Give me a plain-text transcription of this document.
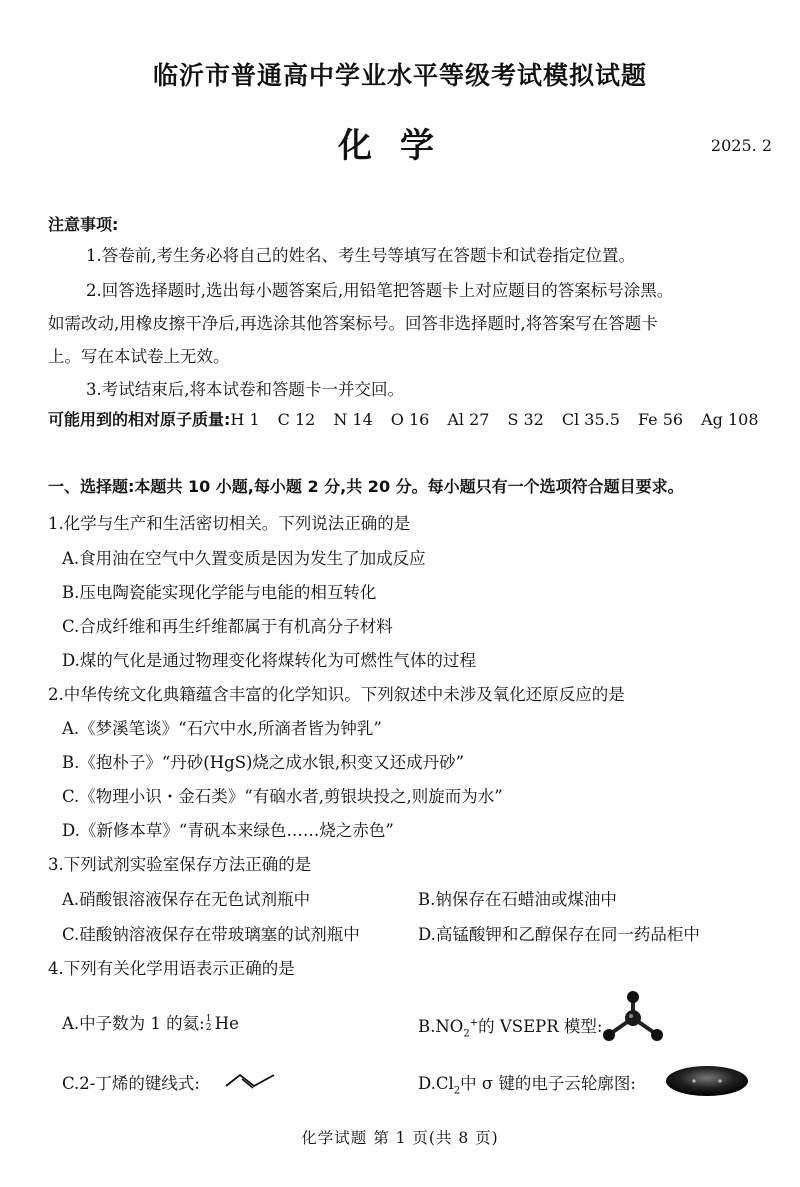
临沂市普通高中学业水平等级考试模拟试题
化学	2025. 2
注意事项:
1.答卷前,考生务必将自己的姓名、考生号等填写在答题卡和试卷指定位置。
2.回答选择题时,选出每小题答案后,用铅笔把答题卡上对应题目的答案标号涂黑。
如需改动,用橡皮擦干净后,再选涂其他答案标号。回答非选择题时,将答案写在答题卡
上。写在本试卷上无效。
3.考试结束后,将本试卷和答题卡一并交回。
可能用到的相对原子质量:H 1 C 12 N 14 O 16 Al 27 S 32 Cl 35.5 Fe 56 Ag 108
一、选择题:本题共 10 小题,每小题 2 分,共 20 分。每小题只有一个选项符合题目要求。
1.化学与生产和生活密切相关。下列说法正确的是
A.食用油在空气中久置变质是因为发生了加成反应
B.压电陶瓷能实现化学能与电能的相互转化
C.合成纤维和再生纤维都属于有机高分子材料
D.煤的气化是通过物理变化将煤转化为可燃性气体的过程
2.中华传统文化典籍蕴含丰富的化学知识。下列叙述中未涉及氧化还原反应的是
A.《梦溪笔谈》“石穴中水,所滴者皆为钟乳”
B.《抱朴子》“丹砂(HgS)烧之成水银,积变又还成丹砂”
C.《物理小识・金石类》“有硇水者,剪银块投之,则旋而为水”
D.《新修本草》“青矾本来绿色……烧之赤色”
3.下列试剂实验室保存方法正确的是
A.硝酸银溶液保存在无色试剂瓶中	B.钠保存在石蜡油或煤油中
C.硅酸钠溶液保存在带玻璃塞的试剂瓶中	D.高锰酸钾和乙醇保存在同一药品柜中
4.下列有关化学用语表示正确的是
A.中子数为 1 的氦: 1
2 He	$B.NO_2^+$的 VSEPR 模型:
C.2-丁烯的键线式:	$D.Cl_2$中 σ 键的电子云轮廓图:
化学试题 第 1 页(共 8 页)
